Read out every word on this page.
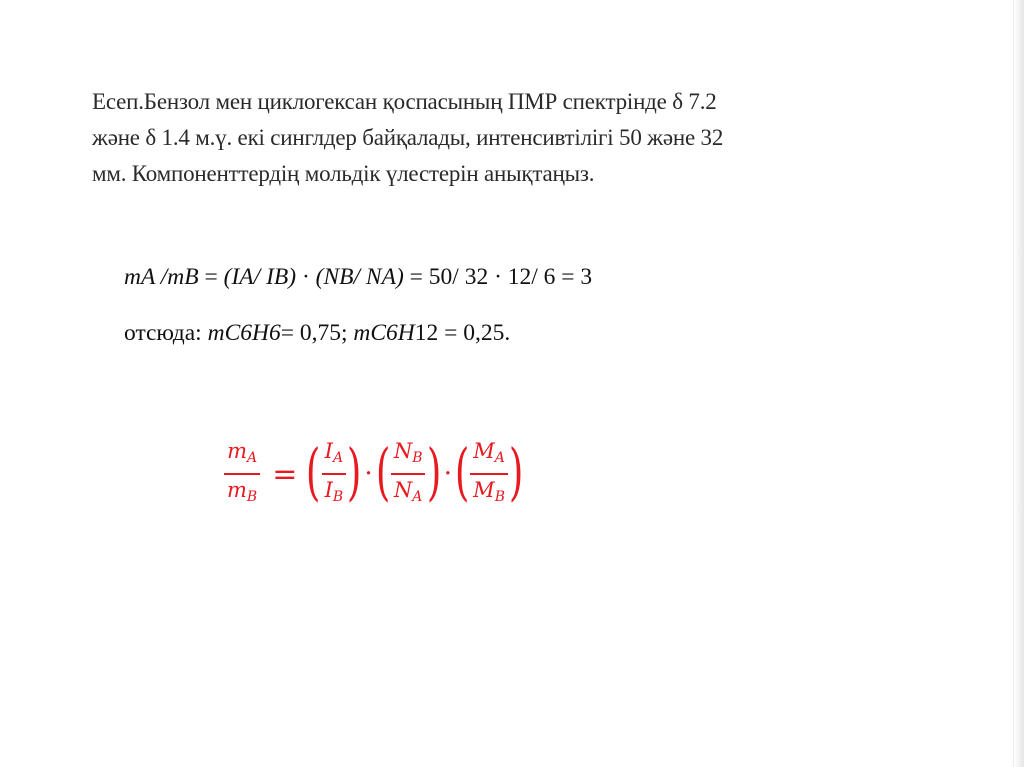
Есеп.Бензол мен циклогексан қоспасының ПМР спектрінде δ 7.2
және δ 1.4 м.ү. екі синглдер байқалады, интенсивтілігі 50 және 32
мм. Компоненттердің мольдік үлестерін анықтаңыз.
mA /mB = (IA/ IB) · (NB/ NA) = 50/ 32 · 12/ 6 = 3
отсюда: mC6H6= 0,75; mC6H12 = 0,25.
$\frac{m_A}{m_B}$ = ( $\frac{I_A}{I_B}$ ) · ( $\frac{N_B}{N_A}$ ) · ( $\frac{M_A}{M_B}$ )
